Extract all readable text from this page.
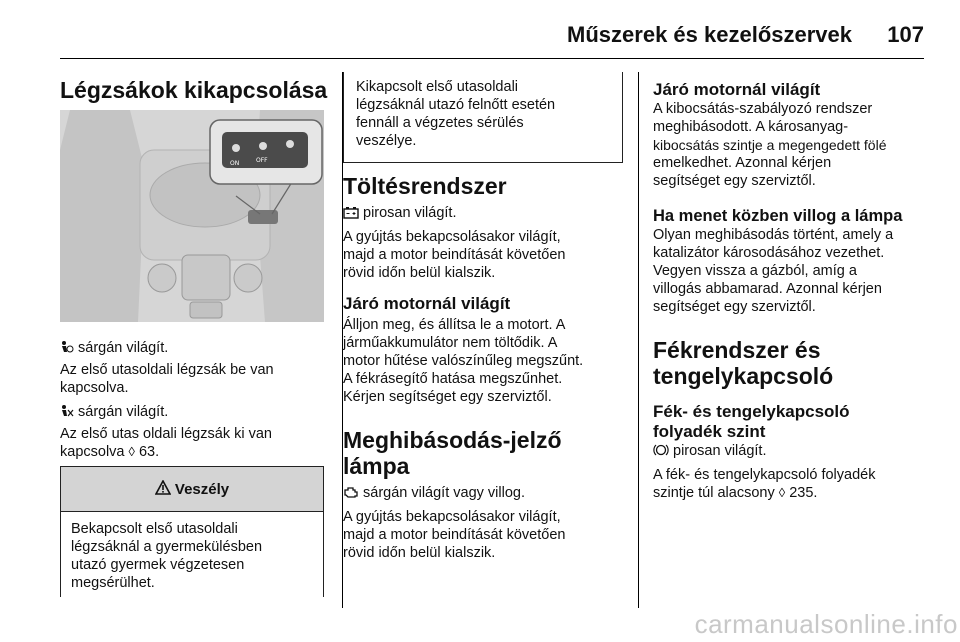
Műszerek és kezelőszervek	107
Légzsákok kikapcsolása
ON	OFF
sárgán világít.
Az első utasoldali légzsák be van
kapcsolva.
sárgán világít.
Az első utas oldali légzsák ki van
kapcsolva ◊ 63.
Veszély
Bekapcsolt első utasoldali
légzsáknál a gyermekülésben
utazó gyermek végzetesen
megsérülhet.
Kikapcsolt első utasoldali
légzsáknál utazó felnőtt esetén
fennáll a végzetes sérülés
veszélye.
Töltésrendszer
pirosan világít.
A gyújtás bekapcsolásakor világít,
majd a motor beindítását követően
rövid időn belül kialszik.
Járó motornál világít
Álljon meg, és állítsa le a motort. A
járműakkumulátor nem töltődik. A
motor hűtése valószínűleg megszűnt.
A fékrásegítő hatása megszűnhet.
Kérjen segítséget egy szerviztől.
Meghibásodás-jelző
lámpa
sárgán világít vagy villog.
A gyújtás bekapcsolásakor világít,
majd a motor beindítását követően
rövid időn belül kialszik.
Járó motornál világít
A kibocsátás-szabályozó rendszer
meghibásodott. A károsanyag-
kibocsátás szintje a megengedett fölé
emelkedhet. Azonnal kérjen
segítséget egy szerviztől.
Ha menet közben villog a lámpa
Olyan meghibásodás történt, amely a
katalizátor károsodásához vezethet.
Vegyen vissza a gázból, amíg a
villogás abbamarad. Azonnal kérjen
segítséget egy szerviztől.
Fékrendszer és
tengelykapcsoló
Fék- és tengelykapcsoló
folyadék szint
pirosan világít.
A fék- és tengelykapcsoló folyadék
szintje túl alacsony ◊ 235.
carmanualsonline.info
